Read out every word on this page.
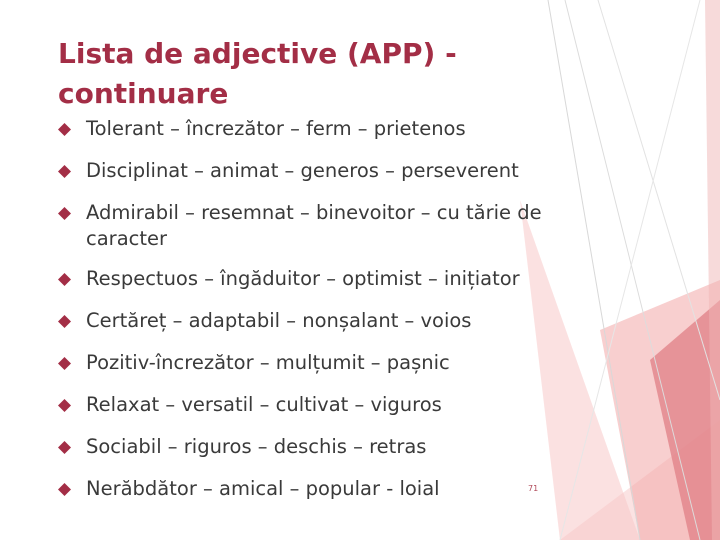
Lista de adjective (APP) - continuare
Tolerant – încrezător – ferm – prietenos
Disciplinat – animat – generos – perseverent
Admirabil – resemnat – binevoitor – cu tărie de caracter
Respectuos – îngăduitor – optimist – inițiator
Certăreț – adaptabil – nonșalant – voios
Pozitiv-încrezător – mulțumit – pașnic
Relaxat – versatil – cultivat – viguros
Sociabil – riguros – deschis – retras
Nerăbdător – amical – popular - loial	71
